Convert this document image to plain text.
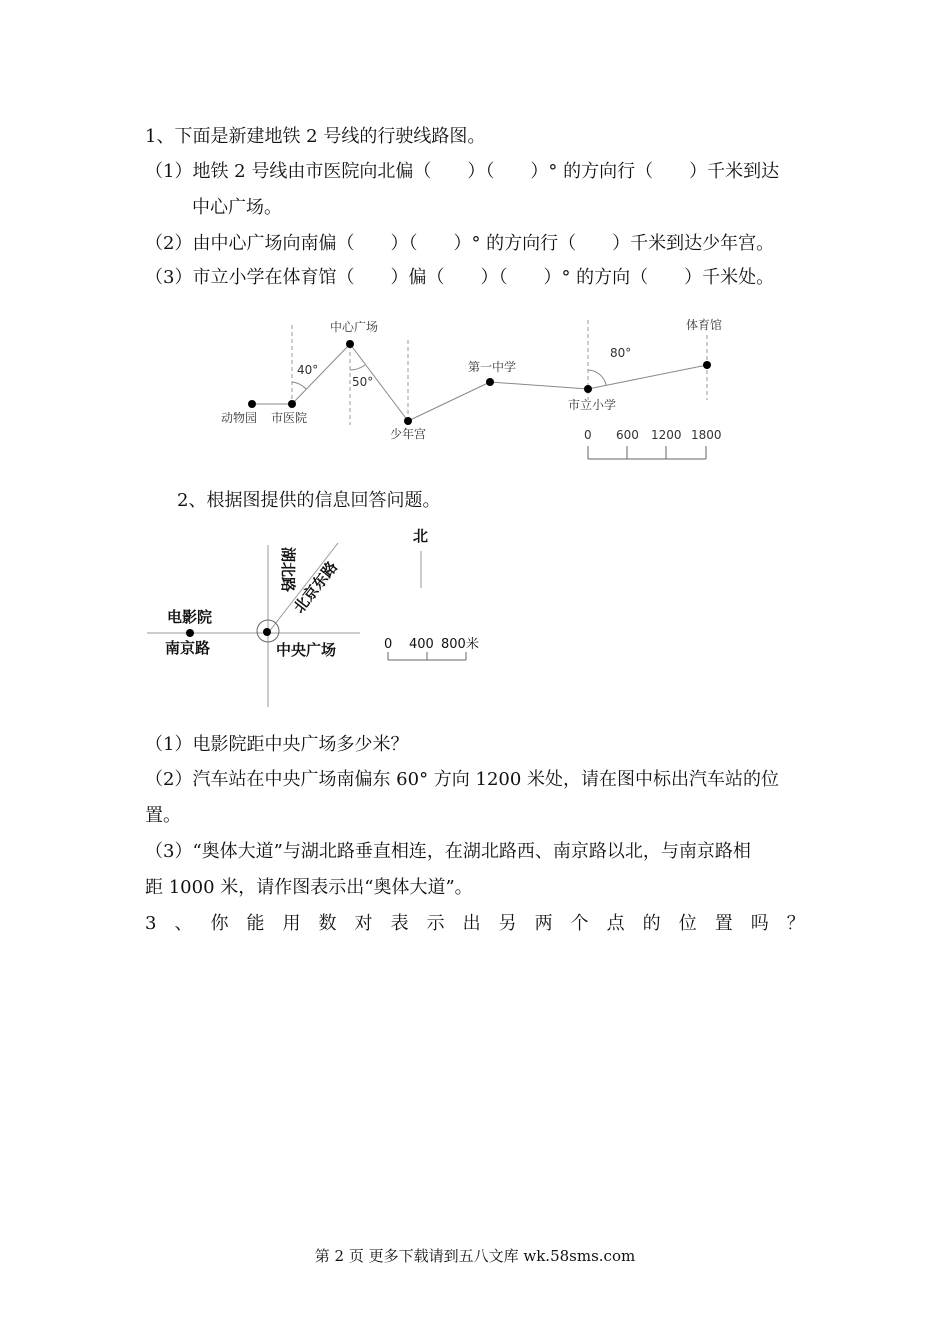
1、下面是新建地铁 2 号线的行驶线路图。
（1）地铁 2 号线由市医院向北偏（　　）（　　）° 的方向行（　　）千米到达
中心广场。
（2）由中心广场向南偏（　　）（　　）° 的方向行（　　）千米到达少年宫。
（3）市立小学在体育馆（　　）偏（　　）（　　）° 的方向（　　）千米处。
中心广场
动物园 市医院
少年宫
第一中学
市立小学
体育馆
40°
50°
80°
0 600 1200 1800
2、根据图提供的信息回答问题。
北
湖北路
北京东路
电影院
南京路	中央广场	0 400 800米
（1）电影院距中央广场多少米？
（2）汽车站在中央广场南偏东 60° 方向 1200 米处，请在图中标出汽车站的位
置。
（3）“奥体大道”与湖北路垂直相连，在湖北路西、南京路以北，与南京路相
距 1000 米，请作图表示出“奥体大道”。
3 、 你 能 用 数 对 表 示 出 另 两 个 点 的 位 置 吗 ？
第 2 页 更多下载请到五八文库 wk.58sms.com
